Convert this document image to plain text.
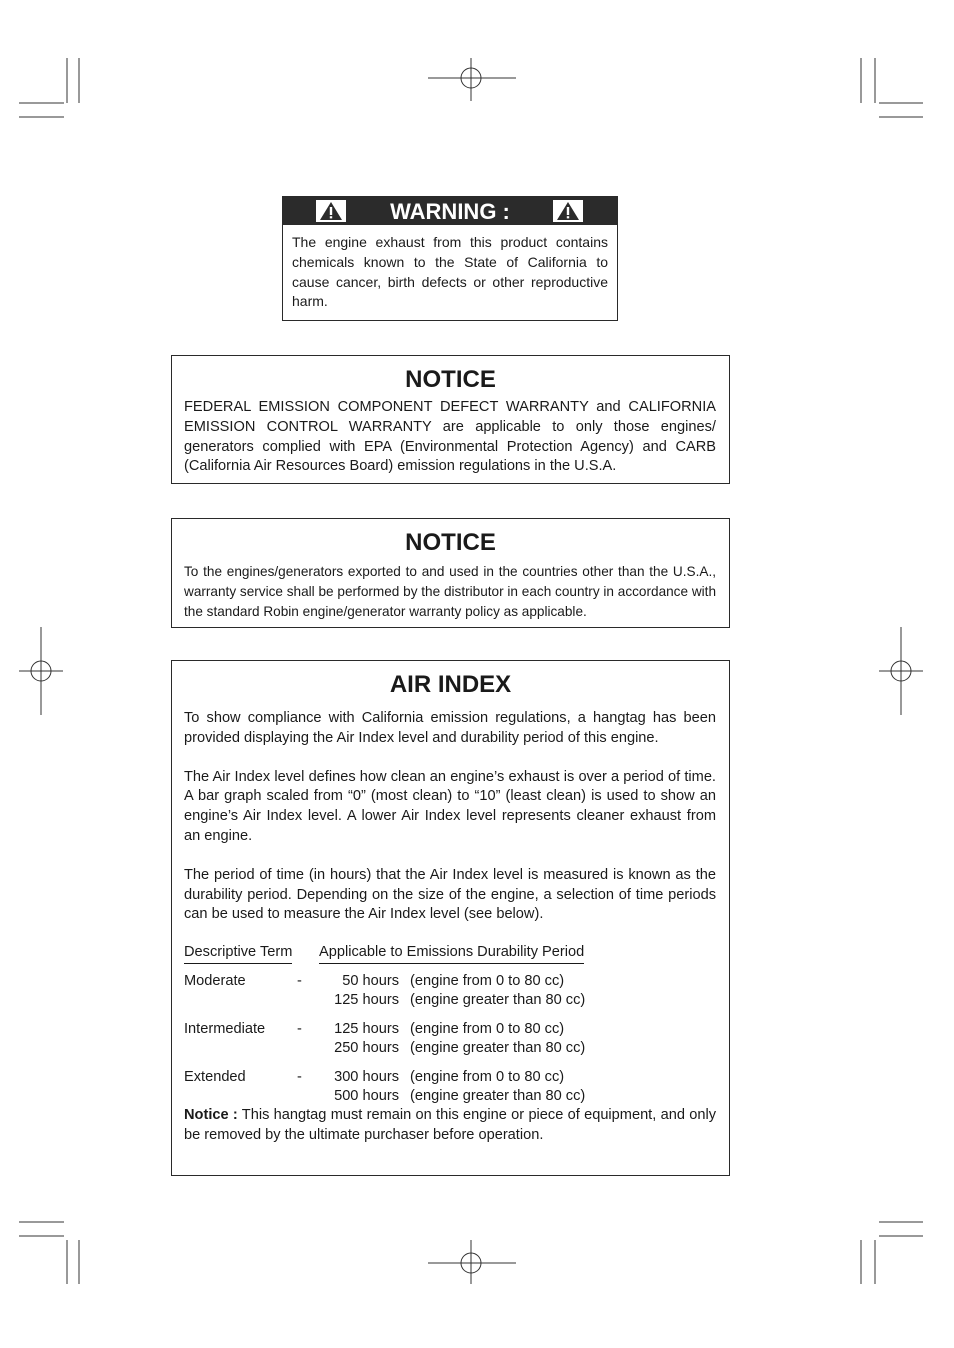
WARNING :
The engine exhaust from this product contains chemicals known to the State of California to cause cancer, birth defects or other reproductive harm.
NOTICE
FEDERAL EMISSION COMPONENT DEFECT WARRANTY and CALIFORNIA EMISSION CONTROL WARRANTY are applicable to only those engines/ generators complied with EPA (Environmental Protection Agency) and CARB (California Air Resources Board) emission regulations in the U.S.A.
NOTICE
To the engines/generators exported to and used in the countries other than the U.S.A., warranty service shall be performed by the distributor in each country in accordance with the standard Robin engine/generator warranty policy as applicable.
AIR INDEX

To show compliance with California emission regulations, a hangtag has been provided displaying the Air Index level and durability period of this engine.

The Air Index level defines how clean an engine’s exhaust is over a period of time. A bar graph scaled from “0” (most clean) to “10” (least clean) is used to show an engine’s Air Index level. A lower Air Index level represents cleaner exhaust from an engine.

The period of time (in hours) that the Air Index level is measured is known as the durability period. Depending on the size of the engine, a selection of time periods can be used to measure the Air Index level (see below).

Descriptive Term Applicable to Emissions Durability Period
Moderate	-	50 hours (engine from 0 to 80 cc)
125 hours (engine greater than 80 cc)
Intermediate - 125 hours (engine from 0 to 80 cc)
250 hours (engine greater than 80 cc)
Extended	- 300 hours (engine from 0 to 80 cc)
500 hours (engine greater than 80 cc)

Notice : This hangtag must remain on this engine or piece of equipment, and only be removed by the ultimate purchaser before operation.
